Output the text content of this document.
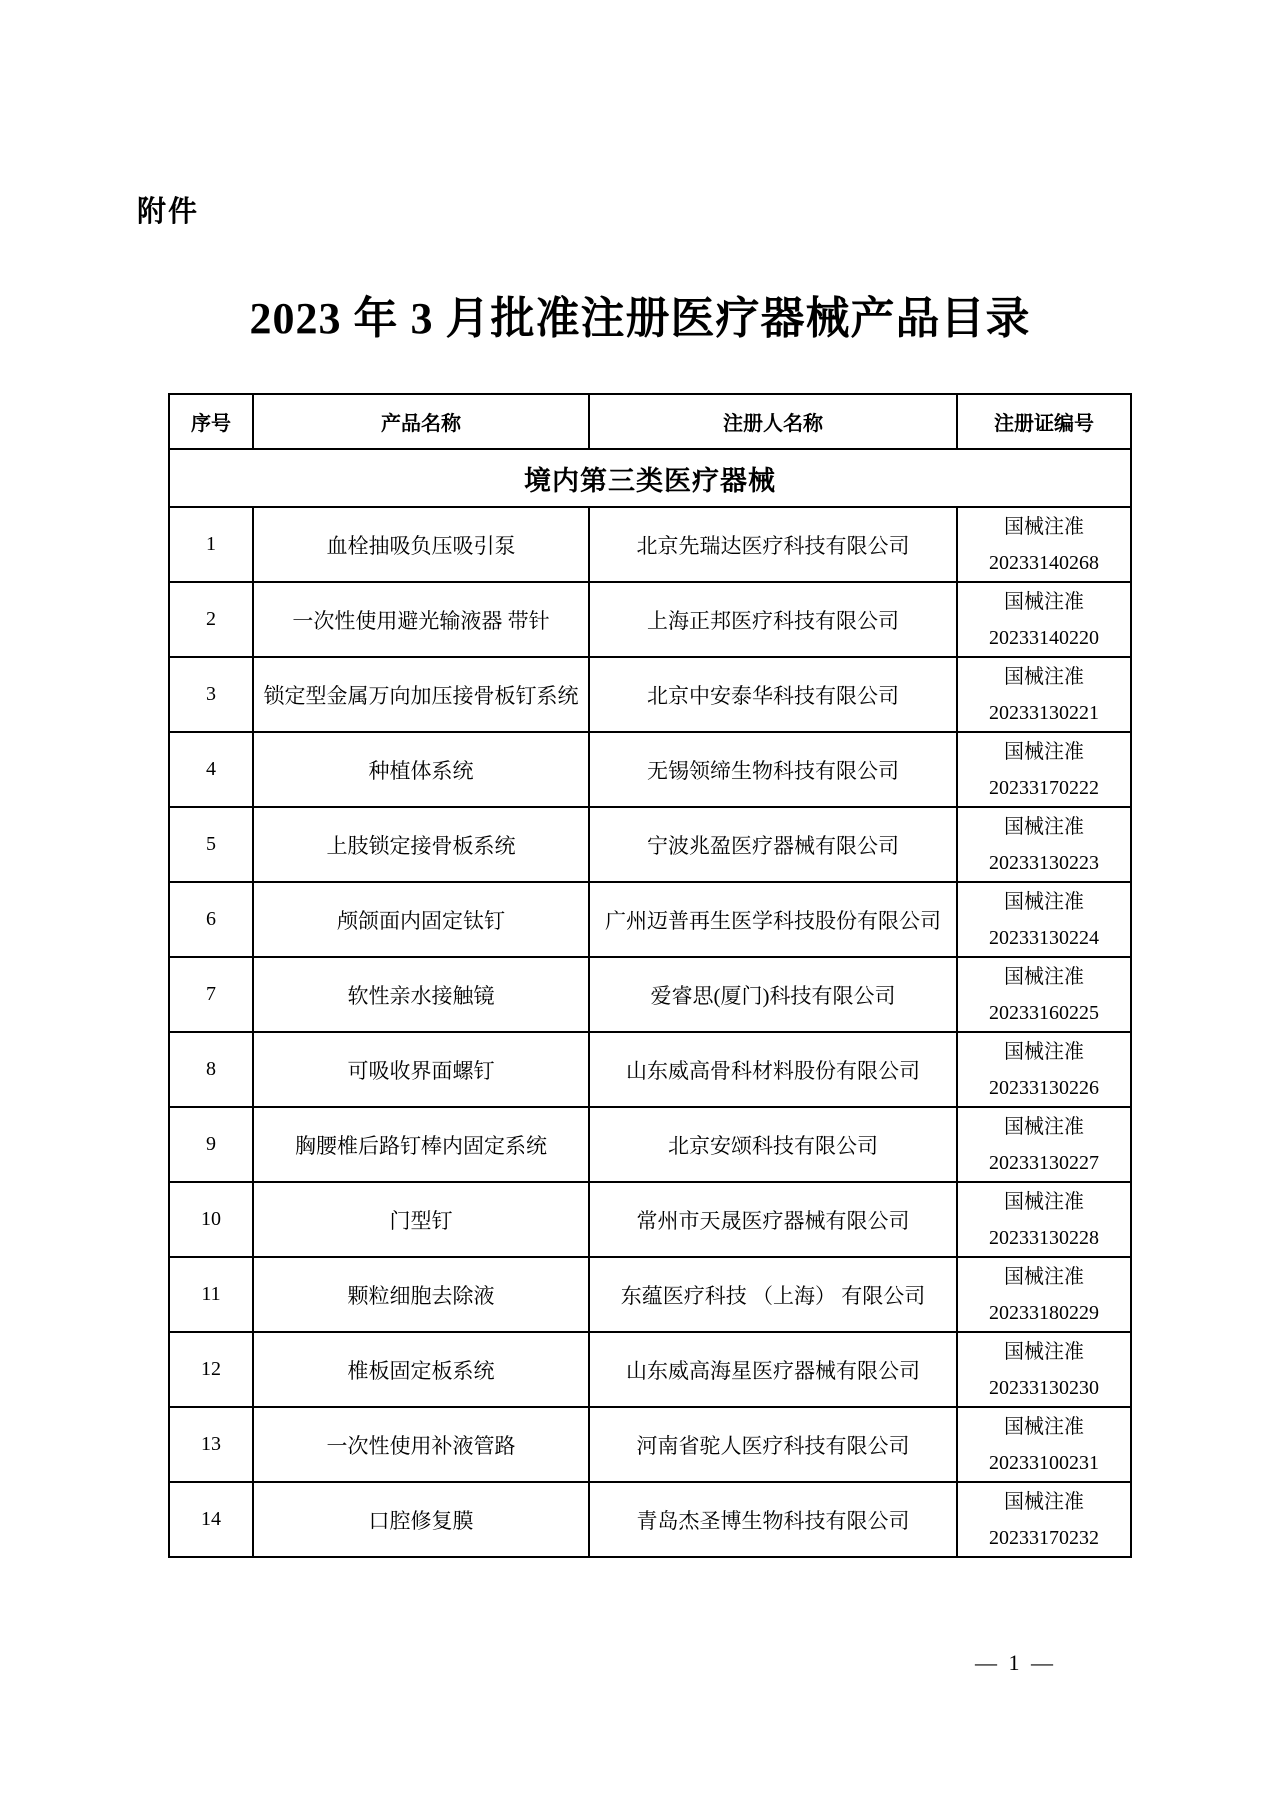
附件
2023 年 3 月批准注册医疗器械产品目录
序号	产品名称	注册人名称	注册证编号
境内第三类医疗器械			
1	血栓抽吸负压吸引泵	北京先瑞达医疗科技有限公司	国械注准
20233140268

2	一次性使用避光输液器 带针	上海正邦医疗科技有限公司	国械注准
20233140220

3	锁定型金属万向加压接骨板钉系统	北京中安泰华科技有限公司	国械注准
20233130221

4	种植体系统	无锡领缔生物科技有限公司	国械注准
20233170222

5	上肢锁定接骨板系统	宁波兆盈医疗器械有限公司	国械注准
20233130223

6	颅颌面内固定钛钉	广州迈普再生医学科技股份有限公司	国械注准
20233130224

7	软性亲水接触镜	爱睿思(厦门)科技有限公司	国械注准
20233160225

8	可吸收界面螺钉	山东威高骨科材料股份有限公司	国械注准
20233130226

9	胸腰椎后路钉棒内固定系统	北京安颂科技有限公司	国械注准
20233130227

10	门型钉	常州市天晟医疗器械有限公司	国械注准
20233130228

11	颗粒细胞去除液	东蕴医疗科技 （上海） 有限公司	国械注准
20233180229

12	椎板固定板系统	山东威高海星医疗器械有限公司	国械注准
20233130230

13	一次性使用补液管路	河南省驼人医疗科技有限公司	国械注准
20233100231

14	口腔修复膜	青岛杰圣博生物科技有限公司	国械注准
20233170232
— 1 —
